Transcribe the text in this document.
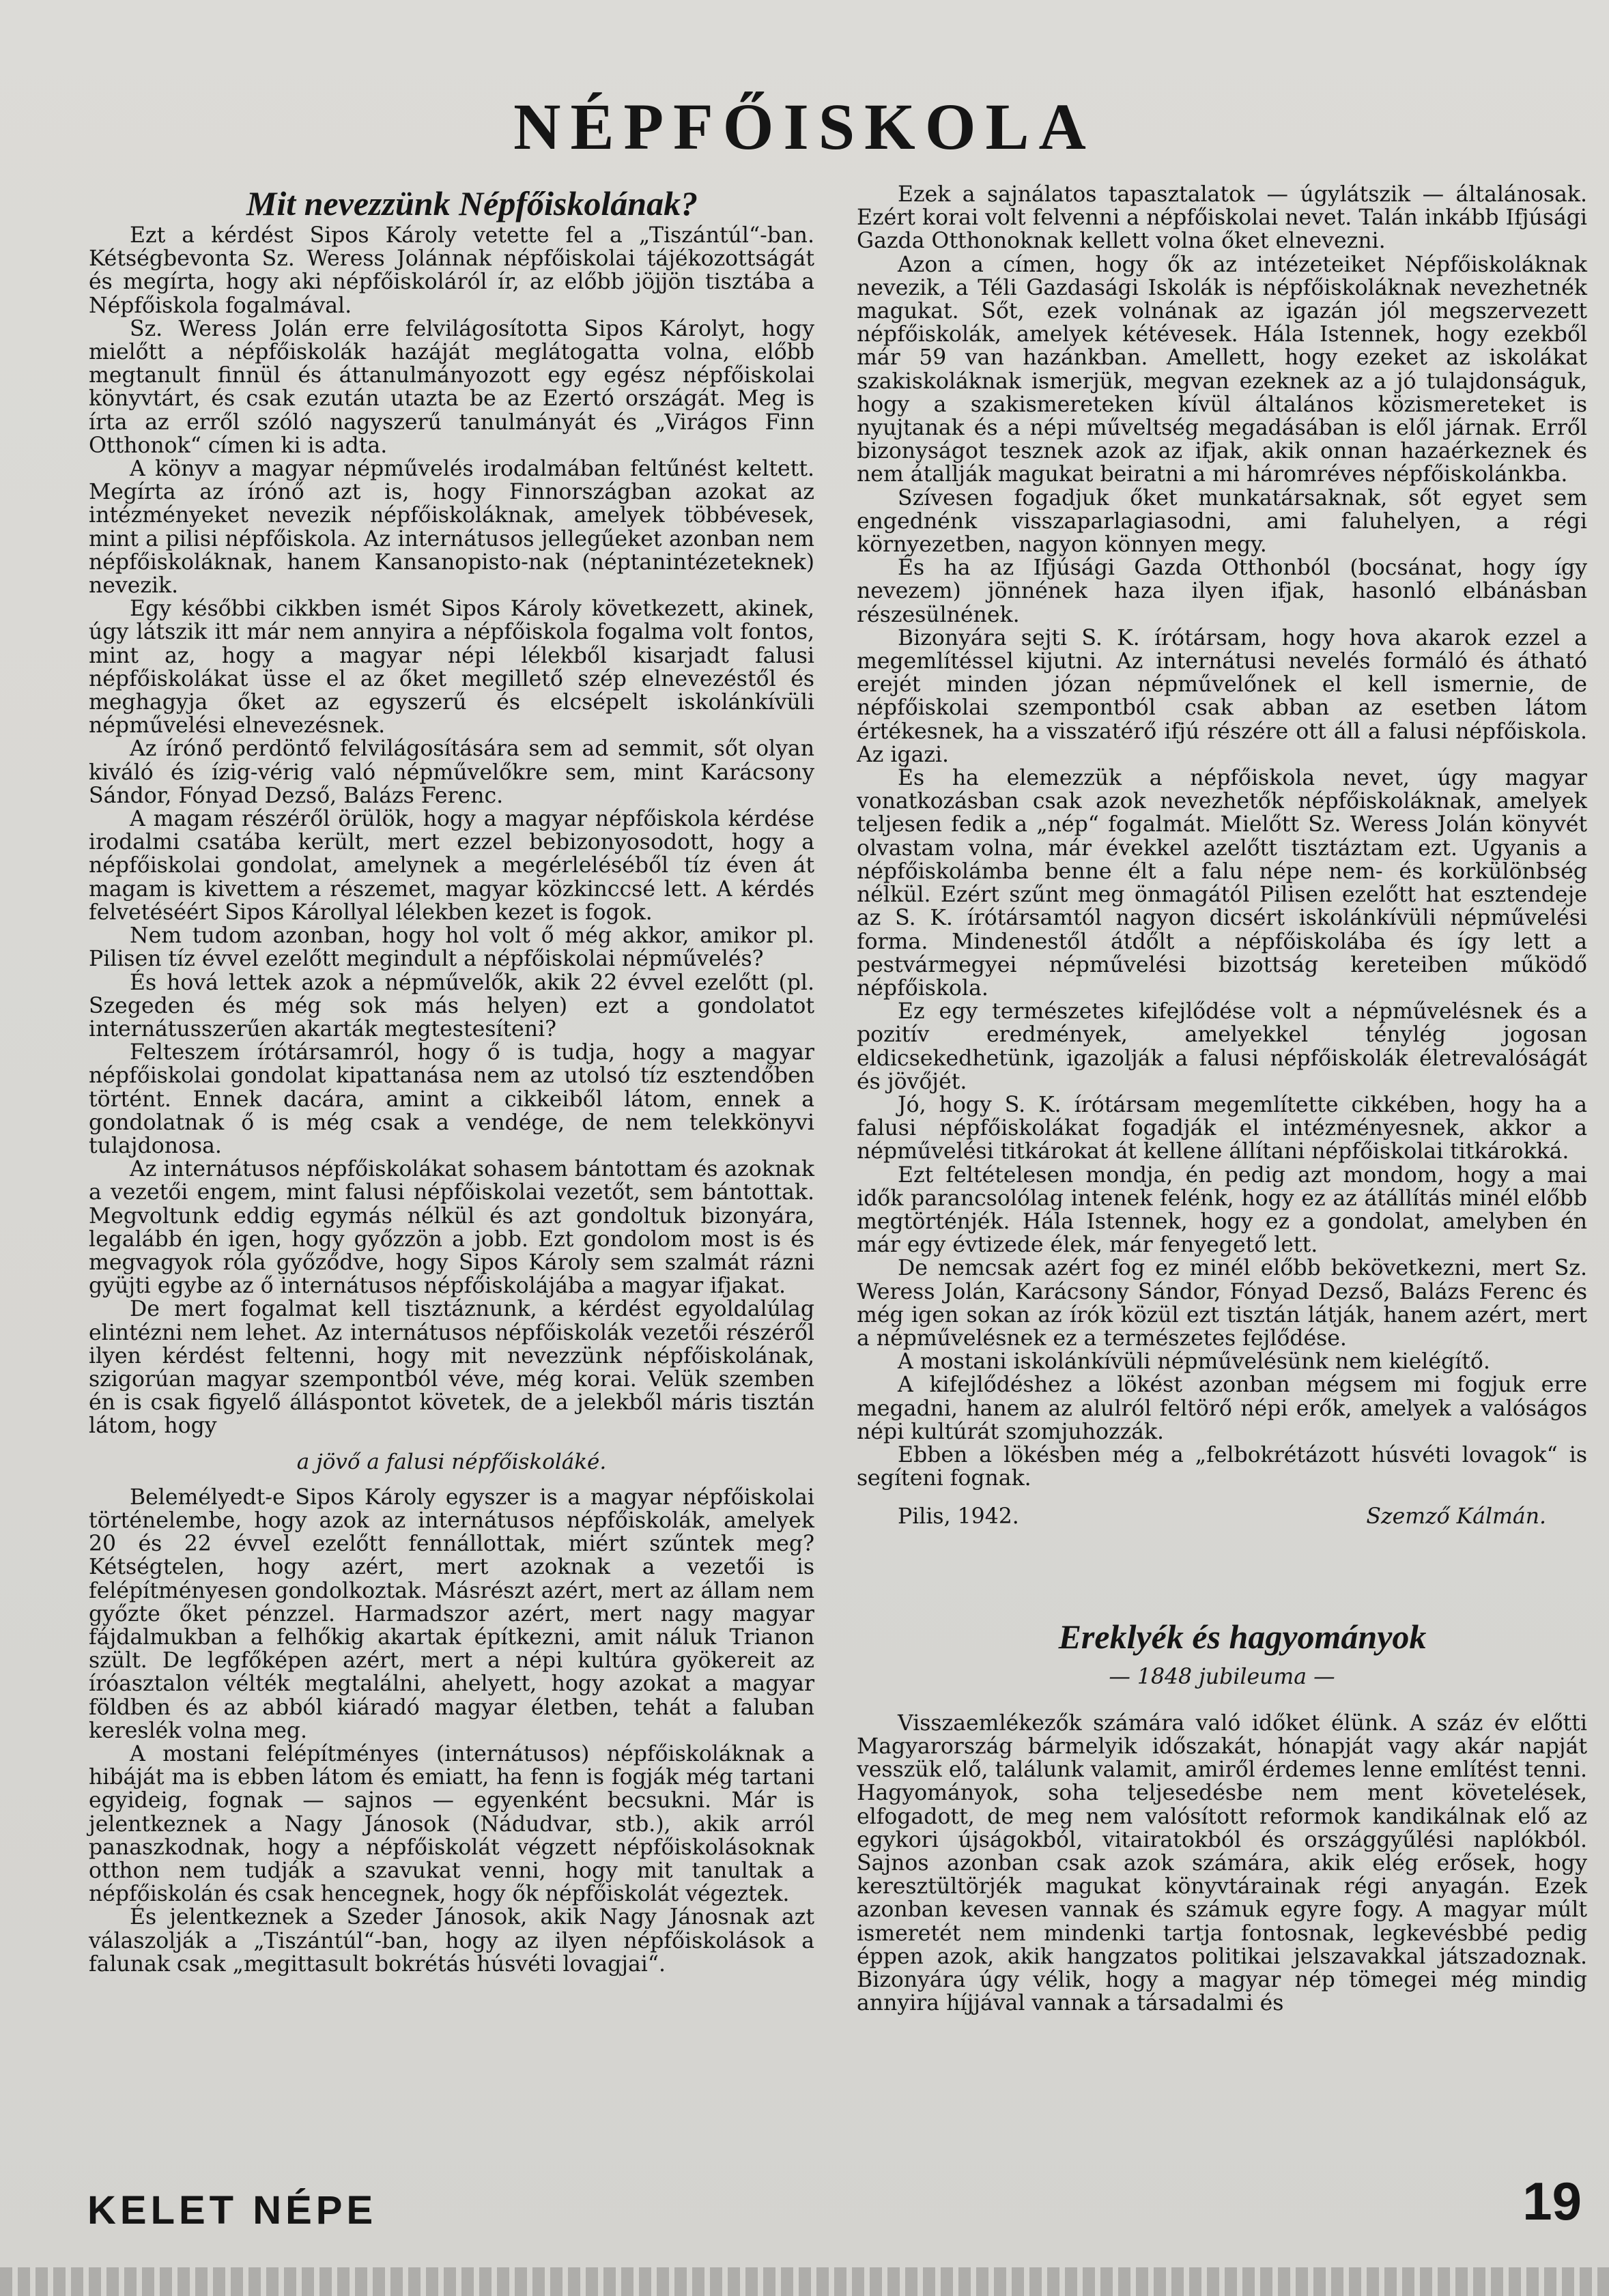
NÉPFŐISKOLA

Mit nevezzünk Népfőiskolának?

Ezt a kérdést Sipos Károly vetette fel a „Tiszántúl“-ban. Kétségbevonta Sz. Weress Jolánnak népfőiskolai tájékozottságát és megírta, hogy aki népfőiskoláról ír, az előbb jöjjön tisztába a Népfőiskola fogalmával.

Sz. Weress Jolán erre felvilágosította Sipos Károlyt, hogy mielőtt a népfőiskolák hazáját meglátogatta volna, előbb megtanult finnül és áttanulmányozott egy egész népfőiskolai könyvtárt, és csak ezután utazta be az Ezertó országát. Meg is írta az erről szóló nagyszerű tanulmányát és „Virágos Finn Otthonok“ címen ki is adta.

A könyv a magyar népművelés irodalmában feltűnést keltett. Megírta az írónő azt is, hogy Finnországban azokat az intézményeket nevezik népfőiskoláknak, amelyek többévesek, mint a pilisi népfőiskola. Az internátusos jellegűeket azonban nem népfőiskoláknak, hanem Kansanopisto-nak (néptanintézeteknek) nevezik.

Egy későbbi cikkben ismét Sipos Károly következett, akinek, úgy látszik itt már nem annyira a népfőiskola fogalma volt fontos, mint az, hogy a magyar népi lélekből kisarjadt falusi népfőiskolákat üsse el az őket megillető szép elnevezéstől és meghagyja őket az egyszerű és elcsépelt iskolánkívüli népművelési elnevezésnek.

Az írónő perdöntő felvilágosítására sem ad semmit, sőt olyan kiváló és ízig-vérig való népművelőkre sem, mint Karácsony Sándor, Fónyad Dezső, Balázs Ferenc.

A magam részéről örülök, hogy a magyar népfőiskola kérdése irodalmi csatába került, mert ezzel bebizonyosodott, hogy a népfőiskolai gondolat, amelynek a megérleléséből tíz éven át magam is kivettem a részemet, magyar közkinccsé lett. A kérdés felvetéséért Sipos Károllyal lélekben kezet is fogok.

Nem tudom azonban, hogy hol volt ő még akkor, amikor pl. Pilisen tíz évvel ezelőtt megindult a népfőiskolai népművelés?

És hová lettek azok a népművelők, akik 22 évvel ezelőtt (pl. Szegeden és még sok más helyen) ezt a gondolatot internátusszerűen akarták megtestesíteni?

Felteszem írótársamról, hogy ő is tudja, hogy a magyar népfőiskolai gondolat kipattanása nem az utolsó tíz esztendőben történt. Ennek dacára, amint a cikkeiből látom, ennek a gondolatnak ő is még csak a vendége, de nem telekkönyvi tulajdonosa.

Az internátusos népfőiskolákat sohasem bántottam és azoknak a vezetői engem, mint falusi népfőiskolai vezetőt, sem bántottak. Megvoltunk eddig egymás nélkül és azt gondoltuk bizonyára, legalább én igen, hogy győzzön a jobb. Ezt gondolom most is és megvagyok róla győződve, hogy Sipos Károly sem szalmát rázni gyüjti egybe az ő internátusos népfőiskolájába a magyar ifjakat.

De mert fogalmat kell tisztáznunk, a kérdést egyoldalúlag elintézni nem lehet. Az internátusos népfőiskolák vezetői részéről ilyen kérdést feltenni, hogy mit nevezzünk népfőiskolának, szigorúan magyar szempontból véve, még korai. Velük szemben én is csak figyelő álláspontot követek, de a jelekből máris tisztán látom, hogy

a jövő a falusi népfőiskoláké.

Belemélyedt-e Sipos Károly egyszer is a magyar népfőiskolai történelembe, hogy azok az internátusos népfőiskolák, amelyek 20 és 22 évvel ezelőtt fennállottak, miért szűntek meg? Kétségtelen, hogy azért, mert azoknak a vezetői is felépítményesen gondolkoztak. Másrészt azért, mert az állam nem győzte őket pénzzel. Harmadszor azért, mert nagy magyar fájdalmukban a felhőkig akartak építkezni, amit náluk Trianon szült. De legfőképen azért, mert a népi kultúra gyökereit az íróasztalon vélték megtalálni, ahelyett, hogy azokat a magyar földben és az abból kiáradó magyar életben, tehát a faluban kereslék volna meg.

A mostani felépítményes (internátusos) népfőiskoláknak a hibáját ma is ebben látom és emiatt, ha fenn is fogják még tartani egyideig, fognak — sajnos — egyenként becsukni. Már is jelentkeznek a Nagy Jánosok (Nádudvar, stb.), akik arról panaszkodnak, hogy a népfőiskolát végzett népfőiskolásoknak otthon nem tudják a szavukat venni, hogy mit tanultak a népfőiskolán és csak hencegnek, hogy ők népfőiskolát végeztek.

És jelentkeznek a Szeder Jánosok, akik Nagy Jánosnak azt válaszolják a „Tiszántúl“-ban, hogy az ilyen népfőiskolások a falunak csak „megittasult bokrétás húsvéti lovagjai“.

Ezek a sajnálatos tapasztalatok — úgylátszik — általánosak. Ezért korai volt felvenni a népfőiskolai nevet. Talán inkább Ifjúsági Gazda Otthonoknak kellett volna őket elnevezni.

Azon a címen, hogy ők az intézeteiket Népfőiskoláknak nevezik, a Téli Gazdasági Iskolák is népfőiskoláknak nevezhetnék magukat. Sőt, ezek volnának az igazán jól megszervezett népfőiskolák, amelyek kétévesek. Hála Istennek, hogy ezekből már 59 van hazánkban. Amellett, hogy ezeket az iskolákat szakiskoláknak ismerjük, megvan ezeknek az a jó tulajdonságuk, hogy a szakismereteken kívül általános közismereteket is nyujtanak és a népi műveltség megadásában is elől járnak. Erről bizonyságot tesznek azok az ifjak, akik onnan hazaérkeznek és nem átallják magukat beiratni a mi háromréves népfőiskolánkba.

Szívesen fogadjuk őket munkatársaknak, sőt egyet sem engednénk visszaparlagiasodni, ami faluhelyen, a régi környezetben, nagyon könnyen megy.

És ha az Ifjúsági Gazda Otthonból (bocsánat, hogy így nevezem) jönnének haza ilyen ifjak, hasonló elbánásban részesülnének.

Bizonyára sejti S. K. írótársam, hogy hova akarok ezzel a megemlítéssel kijutni. Az internátusi nevelés formáló és átható erejét minden józan népművelőnek el kell ismernie, de népfőiskolai szempontból csak abban az esetben látom értékesnek, ha a visszatérő ifjú részére ott áll a falusi népfőiskola. Az igazi.

És ha elemezzük a népfőiskola nevet, úgy magyar vonatkozásban csak azok nevezhetők népfőiskoláknak, amelyek teljesen fedik a „nép“ fogalmát. Mielőtt Sz. Weress Jolán könyvét olvastam volna, már évekkel azelőtt tisztáztam ezt. Ugyanis a népfőiskolámba benne élt a falu népe nem- és korkülönbség nélkül. Ezért szűnt meg önmagától Pilisen ezelőtt hat esztendeje az S. K. írótársamtól nagyon dicsért iskolánkívüli népművelési forma. Mindenestől átdőlt a népfőiskolába és így lett a pestvármegyei népművelési bizottság kereteiben működő népfőiskola.

Ez egy természetes kifejlődése volt a népművelésnek és a pozitív eredmények, amelyekkel ténylég jogosan eldicsekedhetünk, igazolják a falusi népfőiskolák életrevalóságát és jövőjét.

Jó, hogy S. K. írótársam megemlítette cikkében, hogy ha a falusi népfőiskolákat fogadják el intézményesnek, akkor a népművelési titkárokat át kellene állítani népfőiskolai titkárokká.

Ezt feltételesen mondja, én pedig azt mondom, hogy a mai idők parancsolólag intenek felénk, hogy ez az átállítás minél előbb megtörténjék. Hála Istennek, hogy ez a gondolat, amelyben én már egy évtizede élek, már fenyegető lett.

De nemcsak azért fog ez minél előbb bekövetkezni, mert Sz. Weress Jolán, Karácsony Sándor, Fónyad Dezső, Balázs Ferenc és még igen sokan az írók közül ezt tisztán látják, hanem azért, mert a népművelésnek ez a természetes fejlődése.

A mostani iskolánkívüli népművelésünk nem kielégítő.

A kifejlődéshez a lökést azonban mégsem mi fogjuk erre megadni, hanem az alulról feltörő népi erők, amelyek a valóságos népi kultúrát szomjuhozzák.

Ebben a lökésben még a „felbokrétázott húsvéti lovagok“ is segíteni fognak.

Pilis, 1942.	Szemző Kálmán.

Ereklyék és hagyományok

— 1848 jubileuma —

Visszaemlékezők számára való időket élünk. A száz év előtti Magyarország bármelyik időszakát, hónapját vagy akár napját vesszük elő, találunk valamit, amiről érdemes lenne említést tenni. Hagyományok, soha teljesedésbe nem ment követelések, elfogadott, de meg nem valósított reformok kandikálnak elő az egykori újságokból, vitairatokból és országgyűlési naplókból. Sajnos azonban csak azok számára, akik elég erősek, hogy keresztültörjék magukat könyvtárainak régi anyagán. Ezek azonban kevesen vannak és számuk egyre fogy. A magyar múlt ismeretét nem mindenki tartja fontosnak, legkevésbbé pedig éppen azok, akik hangzatos politikai jelszavakkal játszadoznak. Bizonyára úgy vélik, hogy a magyar nép tömegei még mindig annyira híjjával vannak a társadalmi és

KELET NÉPE	19
